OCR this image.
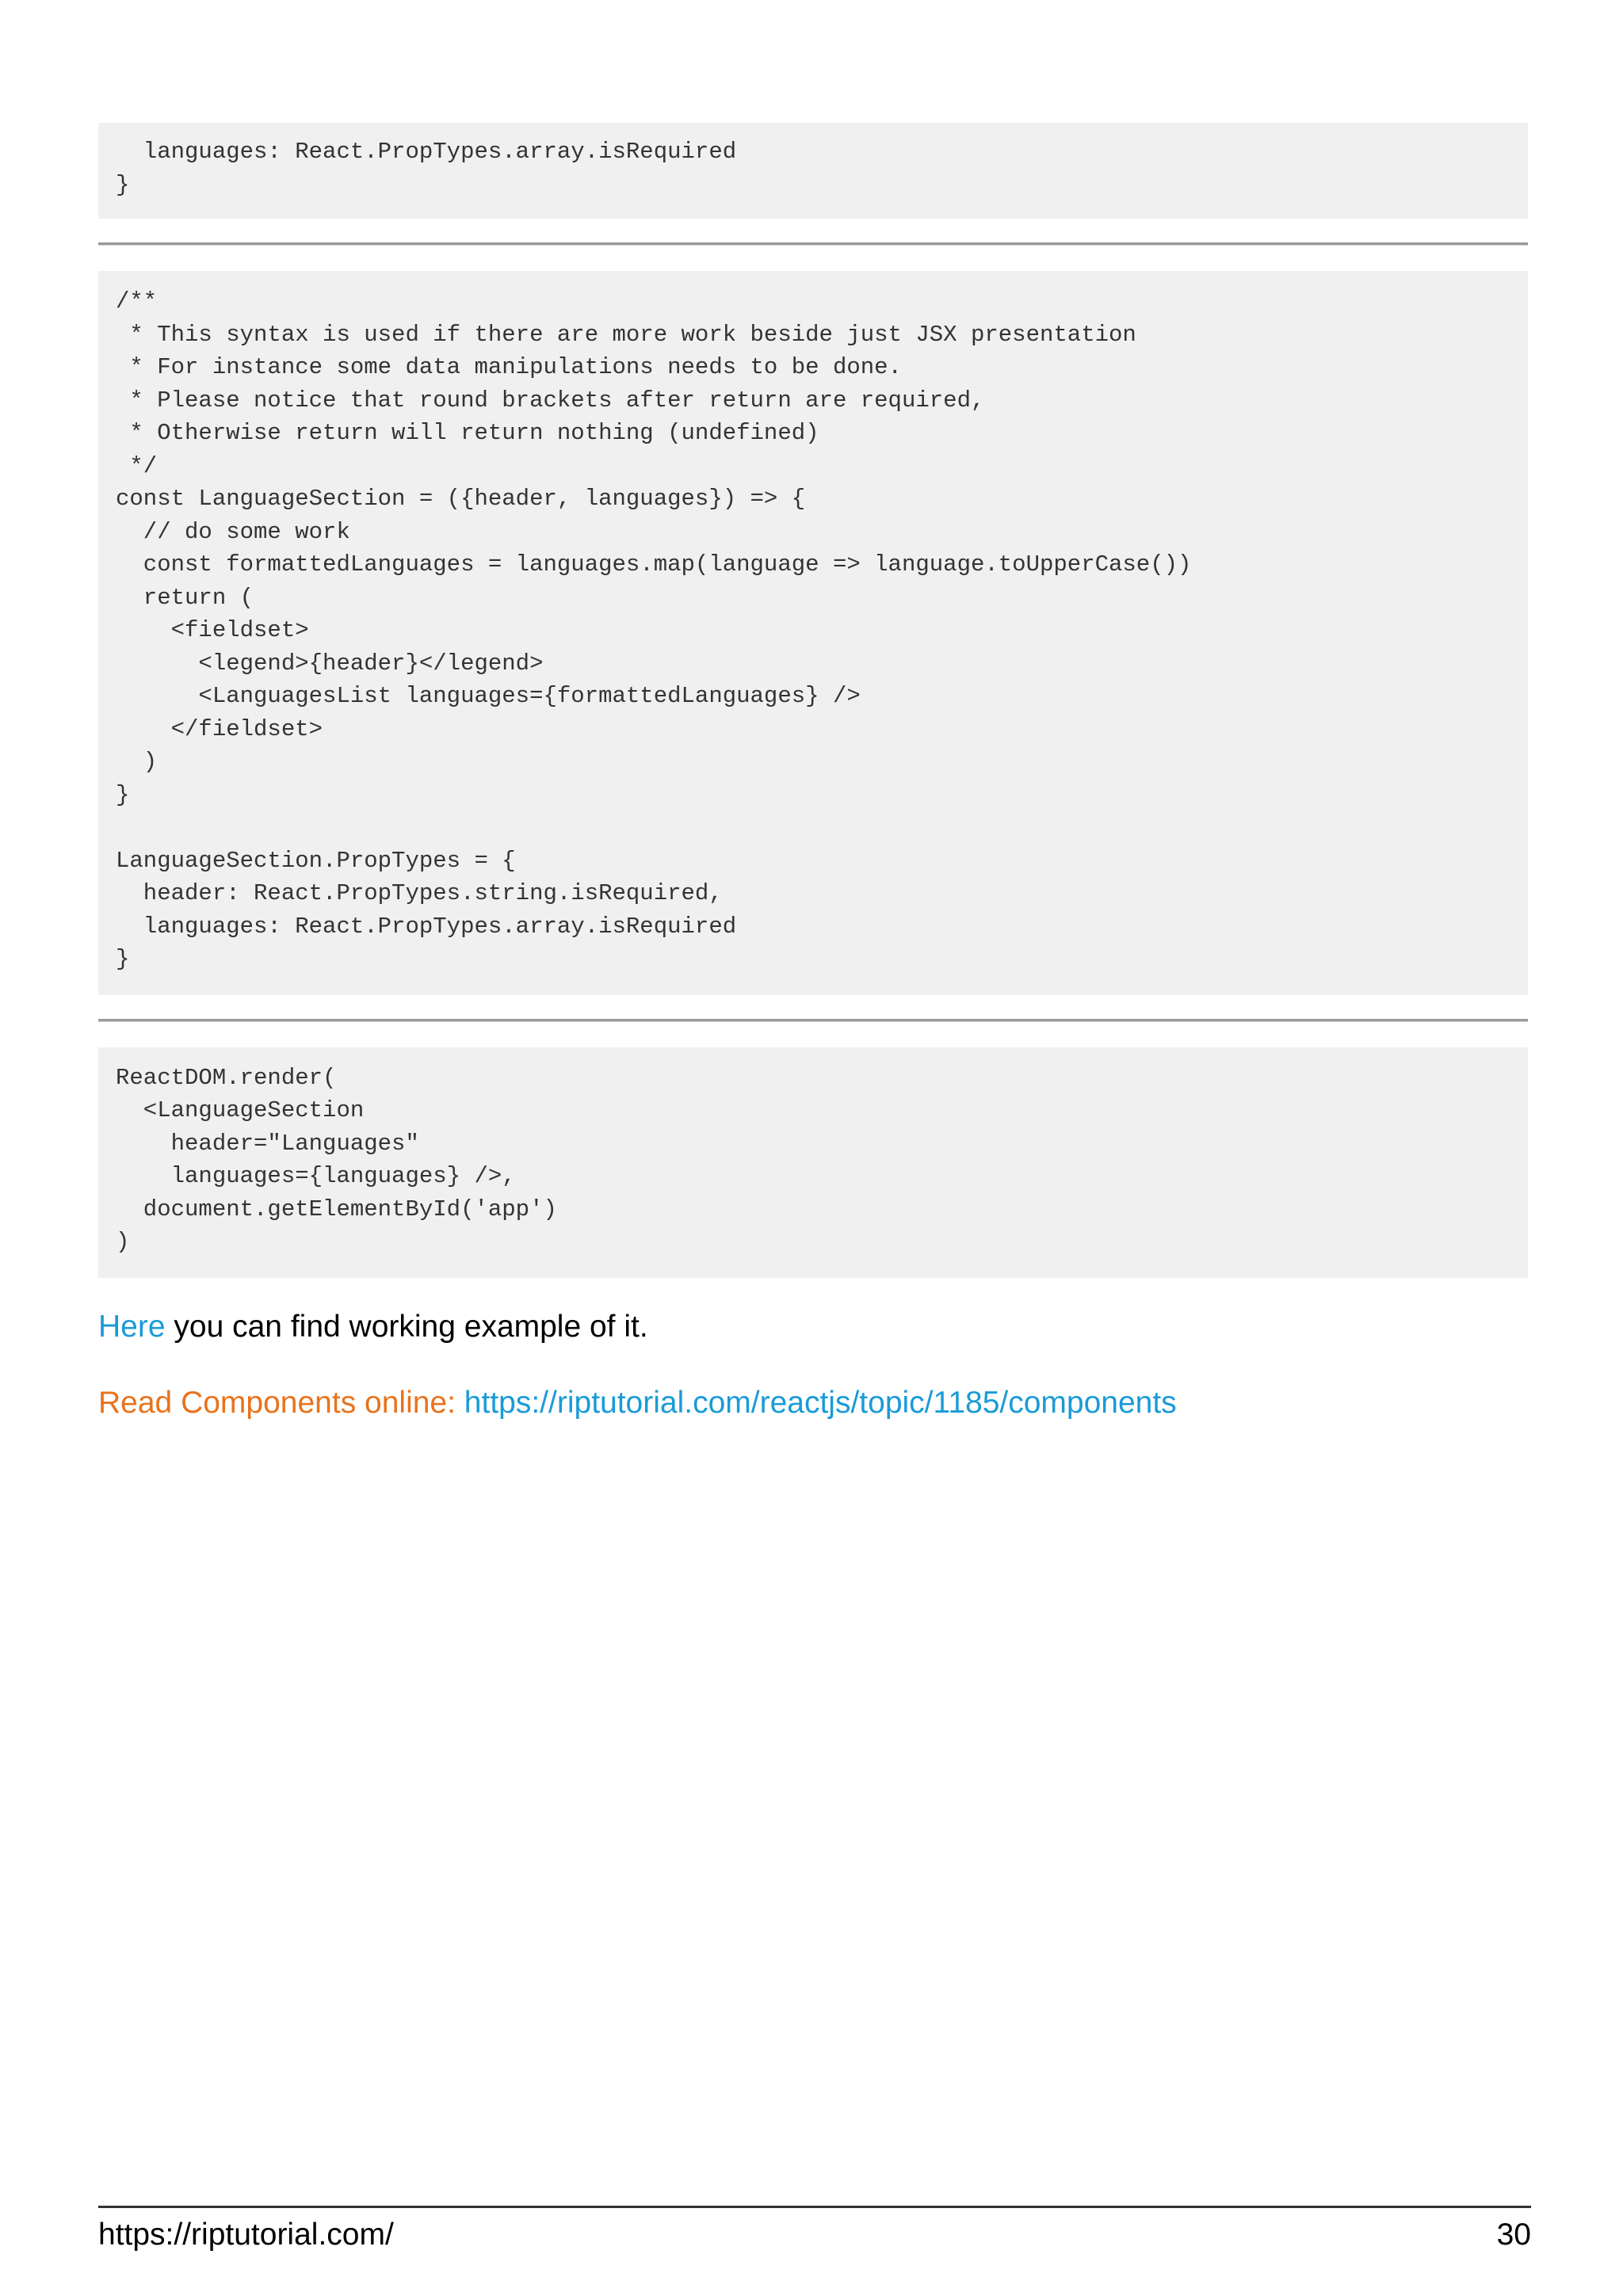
languages: React.PropTypes.array.isRequired
}
/**
* This syntax is used if there are more work beside just JSX presentation
* For instance some data manipulations needs to be done.
* Please notice that round brackets after return are required,
* Otherwise return will return nothing (undefined)
*/
const LanguageSection = ({header, languages}) => {
// do some work
const formattedLanguages = languages.map(language => language.toUpperCase())
return (
<fieldset>
<legend>{header}</legend>
<LanguagesList languages={formattedLanguages} />
</fieldset>
)
}

LanguageSection.PropTypes = {
header: React.PropTypes.string.isRequired,
languages: React.PropTypes.array.isRequired
}
ReactDOM.render(
<LanguageSection
header="Languages"
languages={languages} />,
document.getElementById('app')
)

Here you can find working example of it.

Read Components online: https://riptutorial.com/reactjs/topic/1185/components

https://riptutorial.com/	30
